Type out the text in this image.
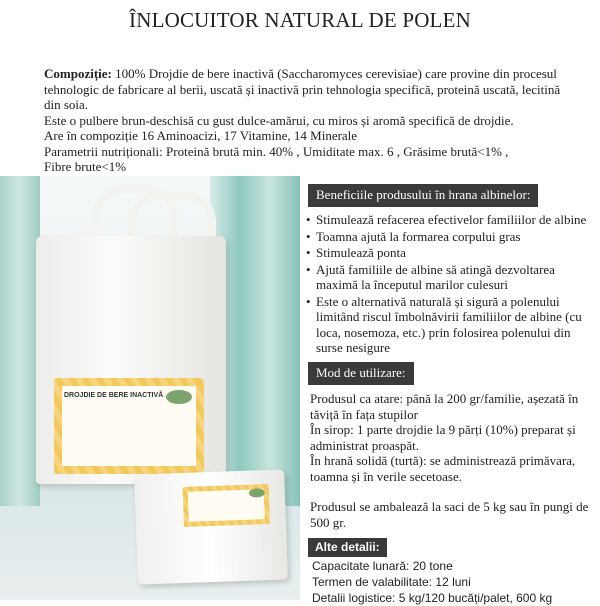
ÎNLOCUITOR NATURAL DE POLEN

Compoziție: 100% Drojdie de bere inactivă (Saccharomyces cerevisiae) care provine din procesul tehnologic de fabricare al berii, uscată și inactivă prin tehnologia specifică, proteină uscată, lecitină din soia.

Este o pulbere brun-deschisă cu gust dulce-amărui, cu miros și aromă specifică de drojdie.

Are în compoziție 16 Aminoacizi, 17 Vitamine, 14 Minerale

Parametrii nutriționali: Proteină brută min. 40% , Umiditate max. 6 , Grăsime brută<1% ,

Fibre brute<1%

DROJDIE DE BERE INACTIVĂ
Beneficiile produsului în hrana albinelor:
• Stimulează refacerea efectivelor familiilor de albine
• Toamna ajută la formarea corpului gras
• Stimulează ponta
• Ajută familiile de albine să atingă dezvoltarea maximă la începutul marilor culesuri
• Este o alternativă naturală și sigură a polenului limitând riscul îmbolnăvirii familiilor de albine (cu loca, nosemoza, etc.) prin folosirea polenului din surse nesigure
Mod de utilizare:

Produsul ca atare: până la 200 gr/familie, așezată în tăviță în fața stupilor

În sirop: 1 parte drojdie la 9 părți (10%) preparat și administrat proaspăt.

În hrană solidă (turtă): se administrează primăvara, toamna și în verile secetoase.

Produsul se ambalează la saci de 5 kg sau în pungi de 500 gr.

Alte detalii:

Capacitate lunară: 20 tone

Termen de valabilitate: 12 luni

Detalii logistice: 5 kg/120 bucăți/palet, 600 kg
